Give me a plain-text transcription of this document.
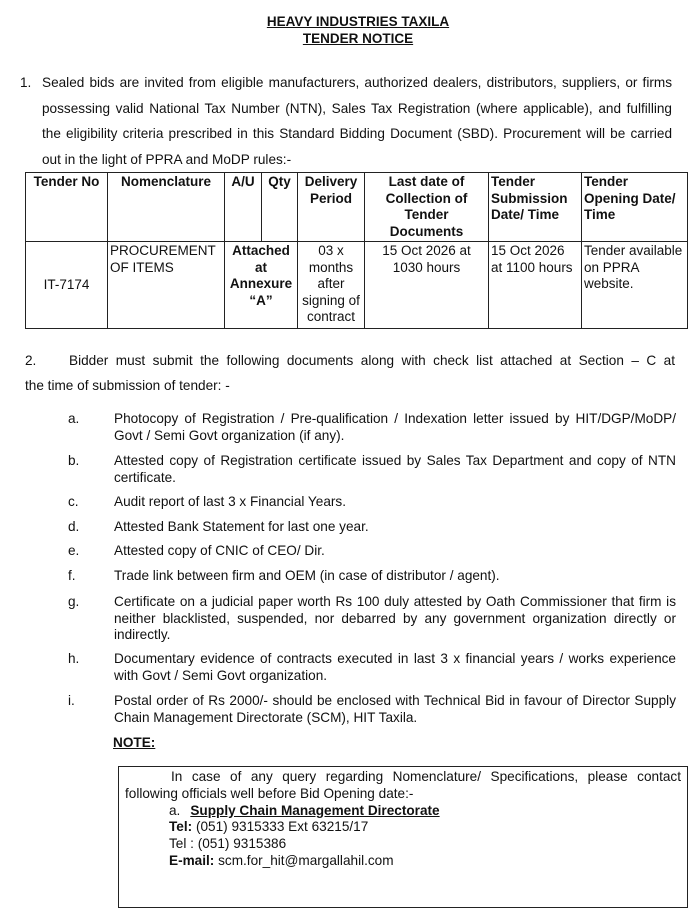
HEAVY INDUSTRIES TAXILA
TENDER NOTICE
1. Sealed bids are invited from eligible manufacturers, authorized dealers, distributors, suppliers, or firms possessing valid National Tax Number (NTN), Sales Tax Registration (where applicable), and fulfilling the eligibility criteria prescribed in this Standard Bidding Document (SBD). Procurement will be carried out in the light of PPRA and MoDP rules:-
Tender No	Nomenclature	A/U	Qty	Delivery Period	Last date of Collection of Tender Documents	Tender Submission Date/ Time	Tender Opening Date/ Time
IT-7174	PROCUREMENT OF ITEMS	Attached at Annexure “A”		03 x months after signing of contract	15 Oct 2026 at 1030 hours	15 Oct 2026 at 1100 hours	Tender available on PPRA website.
2.	Bidder must submit the following documents along with check list attached at Section – C at
the time of submission of tender: -
a.	Photocopy of Registration / Pre-qualification / Indexation letter issued by HIT/DGP/MoDP/ Govt / Semi Govt organization (if any).
b.	Attested copy of Registration certificate issued by Sales Tax Department and copy of NTN certificate.
c.	Audit report of last 3 x Financial Years.
d.	Attested Bank Statement for last one year.
e.	Attested copy of CNIC of CEO/ Dir.
f.	Trade link between firm and OEM (in case of distributor / agent).
g.	Certificate on a judicial paper worth Rs 100 duly attested by Oath Commissioner that firm is neither blacklisted, suspended, nor debarred by any government organization directly or indirectly.
h.	Documentary evidence of contracts executed in last 3 x financial years / works experience with Govt / Semi Govt organization.
i.	Postal order of Rs 2000/- should be enclosed with Technical Bid in favour of Director Supply Chain Management Directorate (SCM), HIT Taxila.
NOTE:
In case of any query regarding Nomenclature/ Specifications, please contact following officials well before Bid Opening date:-
a. Supply Chain Management Directorate
Tel: (051) 9315333 Ext 63215/17
Tel : (051) 9315386
E-mail: scm.for_hit@margallahil.com
